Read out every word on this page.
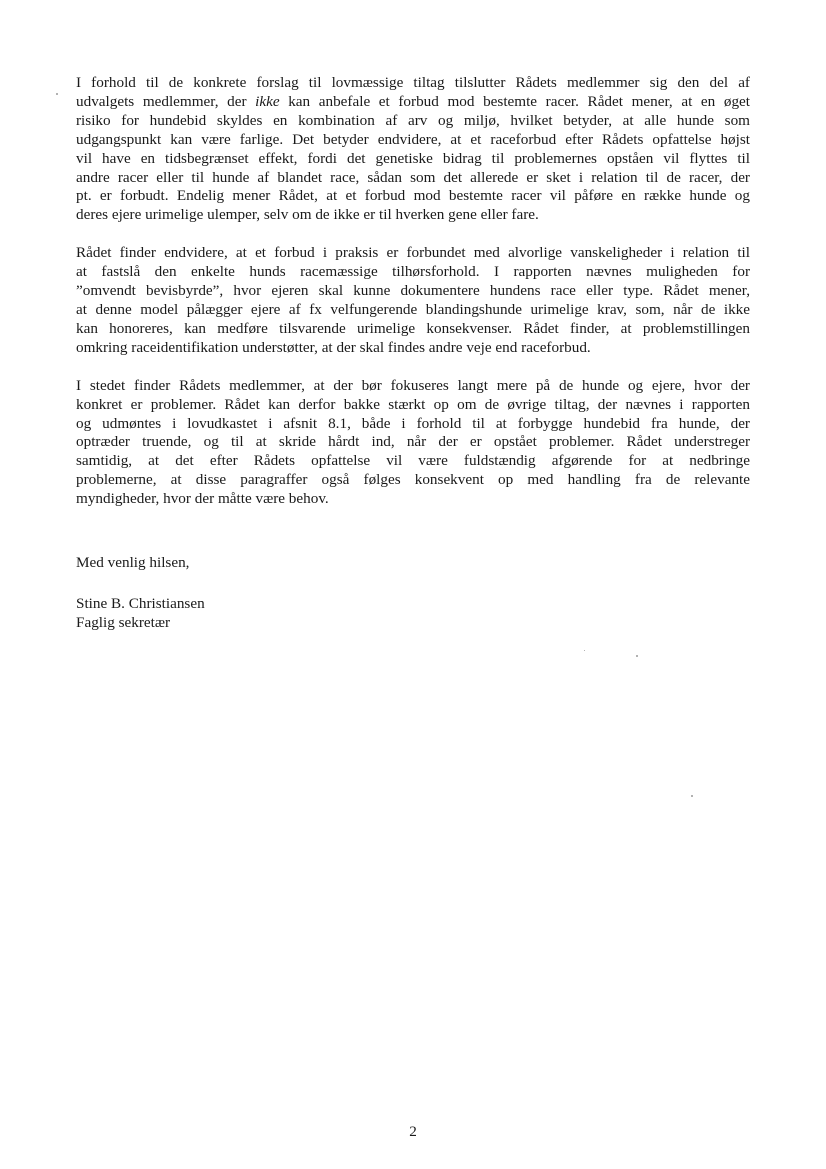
I forhold til de konkrete forslag til lovmæssige tiltag tilslutter Rådets medlemmer sig den del af
udvalgets medlemmer, der ikke kan anbefale et forbud mod bestemte racer. Rådet mener, at en øget
risiko for hundebid skyldes en kombination af arv og miljø, hvilket betyder, at alle hunde som
udgangspunkt kan være farlige. Det betyder endvidere, at et raceforbud efter Rådets opfattelse højst
vil have en tidsbegrænset effekt, fordi det genetiske bidrag til problemernes opståen vil flyttes til
andre racer eller til hunde af blandet race, sådan som det allerede er sket i relation til de racer, der
pt. er forbudt. Endelig mener Rådet, at et forbud mod bestemte racer vil påføre en række hunde og
deres ejere urimelige ulemper, selv om de ikke er til hverken gene eller fare.

Rådet finder endvidere, at et forbud i praksis er forbundet med alvorlige vanskeligheder i relation til
at fastslå den enkelte hunds racemæssige tilhørsforhold. I rapporten nævnes muligheden for
”omvendt bevisbyrde”, hvor ejeren skal kunne dokumentere hundens race eller type. Rådet mener,
at denne model pålægger ejere af fx velfungerende blandingshunde urimelige krav, som, når de ikke
kan honoreres, kan medføre tilsvarende urimelige konsekvenser. Rådet finder, at problemstillingen
omkring raceidentifikation understøtter, at der skal findes andre veje end raceforbud.

I stedet finder Rådets medlemmer, at der bør fokuseres langt mere på de hunde og ejere, hvor der
konkret er problemer. Rådet kan derfor bakke stærkt op om de øvrige tiltag, der nævnes i rapporten
og udmøntes i lovudkastet i afsnit 8.1, både i forhold til at forbygge hundebid fra hunde, der
optræder truende, og til at skride hårdt ind, når der er opstået problemer. Rådet understreger
samtidig, at det efter Rådets opfattelse vil være fuldstændig afgørende for at nedbringe
problemerne, at disse paragraffer også følges konsekvent op med handling fra de relevante
myndigheder, hvor der måtte være behov.

Med venlig hilsen,
Stine B. Christiansen
Faglig sekretær
2
